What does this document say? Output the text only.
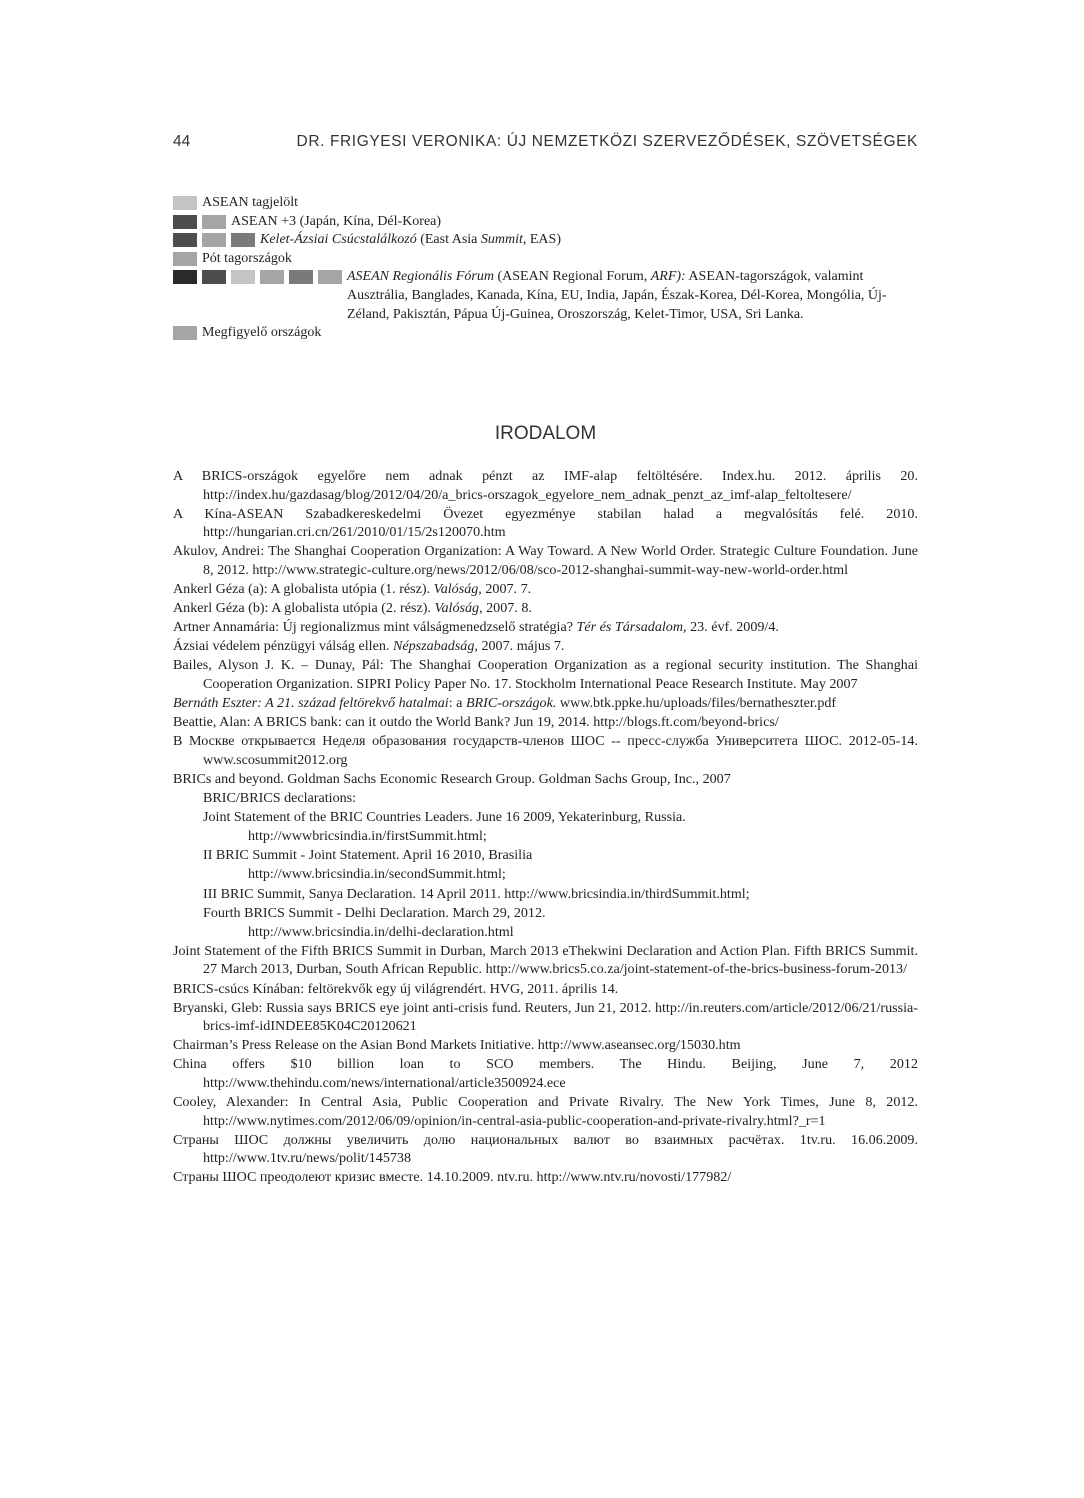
44	DR. FRIGYESI VERONIKA: ÚJ NEMZETKÖZI SZERVEZŐDÉSEK, SZÖVETSÉGEK
ASEAN tagjelölt
ASEAN +3 (Japán, Kína, Dél-Korea)
Kelet-Ázsiai Csúcstalálkozó (East Asia Summit, EAS)
Pót tagországok
ASEAN Regionális Fórum (ASEAN Regional Forum, ARF): ASEAN-tagországok, valamint Ausztrália, Banglades, Kanada, Kína, EU, India, Japán, Észak-Korea, Dél-Korea, Mongólia, Új-Zéland, Pakisztán, Pápua Új-Guinea, Oroszország, Kelet-Timor, USA, Sri Lanka.
Megfigyelő országok
IRODALOM
A BRICS-országok egyelőre nem adnak pénzt az IMF-alap feltöltésére. Index.hu. 2012. április 20. http://index.hu/gazdasag/blog/2012/04/20/a_brics-orszagok_egyelore_nem_adnak_penzt_az_imf-alap_feltoltesere/
A Kína-ASEAN Szabadkereskedelmi Övezet egyezménye stabilan halad a megvalósítás felé. 2010. http://hungarian.cri.cn/261/2010/01/15/2s120070.htm
Akulov, Andrei: The Shanghai Cooperation Organization: A Way Toward. A New World Order. Strategic Culture Foundation. June 8, 2012. http://www.strategic-culture.org/news/2012/06/08/sco-2012-shanghai-summit-way-new-world-order.html
Ankerl Géza (a): A globalista utópia (1. rész). Valóság, 2007. 7.
Ankerl Géza (b): A globalista utópia (2. rész). Valóság, 2007. 8.
Artner Annamária: Új regionalizmus mint válságmenedzselő stratégia? Tér és Társadalom, 23. évf. 2009/4.
Ázsiai védelem pénzügyi válság ellen. Népszabadság, 2007. május 7.
Bailes, Alyson J. K. – Dunay, Pál: The Shanghai Cooperation Organization as a regional security institution. The Shanghai Cooperation Organization. SIPRI Policy Paper No. 17. Stockholm International Peace Research Institute. May 2007
Bernáth Eszter: A 21. század feltörekvő hatalmai: a BRIC-országok. www.btk.ppke.hu/uploads/files/bernatheszter.pdf
Beattie, Alan: A BRICS bank: can it outdo the World Bank? Jun 19, 2014. http://blogs.ft.com/beyond-brics/
В Москве открывается Неделя образования государств-членов ШОС -- пресс-служба Университета ШОС. 2012-05-14. www.scosummit2012.org
BRICs and beyond. Goldman Sachs Economic Research Group. Goldman Sachs Group, Inc., 2007
BRIC/BRICS declarations:
Joint Statement of the BRIC Countries Leaders. June 16 2009, Yekaterinburg, Russia.
http://wwwbricsindia.in/firstSummit.html;
II BRIC Summit - Joint Statement. April 16 2010, Brasilia
http://www.bricsindia.in/secondSummit.html;
III BRIC Summit, Sanya Declaration. 14 April 2011. http://www.bricsindia.in/thirdSummit.html;
Fourth BRICS Summit - Delhi Declaration. March 29, 2012.
http://www.bricsindia.in/delhi-declaration.html
Joint Statement of the Fifth BRICS Summit in Durban, March 2013 eThekwini Declaration and Action Plan. Fifth BRICS Summit. 27 March 2013, Durban, South African Republic. http://www.brics5.co.za/joint-statement-of-the-brics-business-forum-2013/
BRICS-csúcs Kínában: feltörekvők egy új világrendért. HVG, 2011. április 14.
Bryanski, Gleb: Russia says BRICS eye joint anti-crisis fund. Reuters, Jun 21, 2012. http://in.reuters.com/article/2012/06/21/russia-brics-imf-idINDEE85K04C20120621
Chairman’s Press Release on the Asian Bond Markets Initiative. http://www.aseansec.org/15030.htm
China offers $10 billion loan to SCO members. The Hindu. Beijing, June 7, 2012 http://www.thehindu.com/news/international/article3500924.ece
Cooley, Alexander: In Central Asia, Public Cooperation and Private Rivalry. The New York Times, June 8, 2012. http://www.nytimes.com/2012/06/09/opinion/in-central-asia-public-cooperation-and-private-rivalry.html?_r=1
Страны ШОС должны увеличить долю национальных валют во взаимных расчётах. 1tv.ru. 16.06.2009. http://www.1tv.ru/news/polit/145738
Страны ШОС преодолеют кризис вместе. 14.10.2009. ntv.ru. http://www.ntv.ru/novosti/177982/
